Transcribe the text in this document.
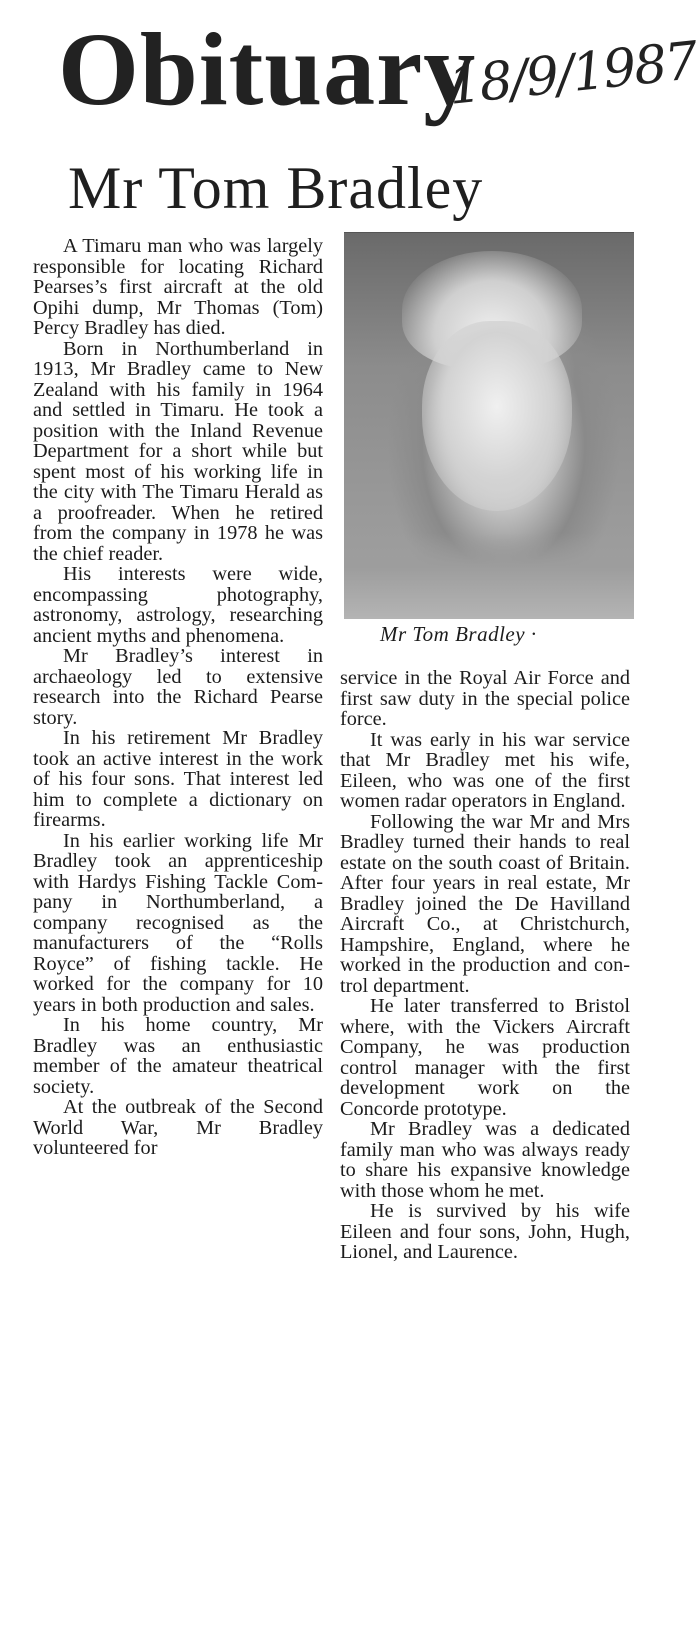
Obituary
18/9/1987
Mr Tom Bradley

A Timaru man who was largely responsible for locating Richard Pearses’s first aircraft at the old Opihi dump, Mr Thomas (Tom) Percy Bradley has died.

Born in Northumberland in 1913, Mr Bradley came to New Zealand with his family in 1964 and settled in Timaru. He took a position with the Inland Revenue Department for a short while but spent most of his working life in the city with The Timaru Herald as a proofreader. When he retired from the company in 1978 he was the chief reader.

His interests were wide, encompassing photography, astronomy, astrology, researching ancient myths and phenomena.

Mr Bradley’s interest in archaeology led to extensive research into the Richard Pearse story.

In his retirement Mr Bradley took an active interest in the work of his four sons. That interest led him to complete a dictionary on firearms.

In his earlier working life Mr Bradley took an apprenticeship with Hardys Fishing Tackle Company in Northumberland, a company recognised as the manufacturers of the “Rolls Royce” of fishing tackle. He worked for the company for 10 years in both production and sales.

In his home country, Mr Bradley was an enthusiastic member of the amateur theatrical society.

At the outbreak of the Second World War, Mr Bradley volunteered for

Mr Tom Bradley ·

service in the Royal Air Force and first saw duty in the special police force.

It was early in his war service that Mr Bradley met his wife, Eileen, who was one of the first women radar operators in England.

Following the war Mr and Mrs Bradley turned their hands to real estate on the south coast of Britain. After four years in real estate, Mr Bradley joined the De Havilland Aircraft Co., at Christchurch, Hampshire, England, where he worked in the production and control department.

He later transferred to Bristol where, with the Vickers Aircraft Company, he was production control manager with the first development work on the Concorde prototype.

Mr Bradley was a dedicated family man who was always ready to share his expansive knowledge with those whom he met.

He is survived by his wife Eileen and four sons, John, Hugh, Lionel, and Laurence.
